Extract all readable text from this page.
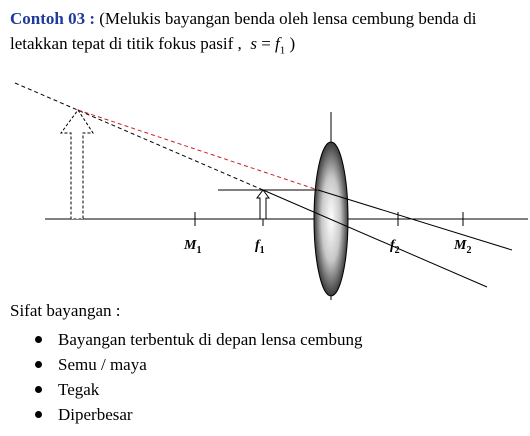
Contoh 03 : (Melukis bayangan benda oleh lensa cembung benda di
letakkan tepat di titik fokus pasif , $s = f_1$ )
$M_1$	$f_1$	$f_2$	$M_2$
Sifat bayangan :
Bayangan terbentuk di depan lensa cembung
Semu / maya
Tegak
Diperbesar
